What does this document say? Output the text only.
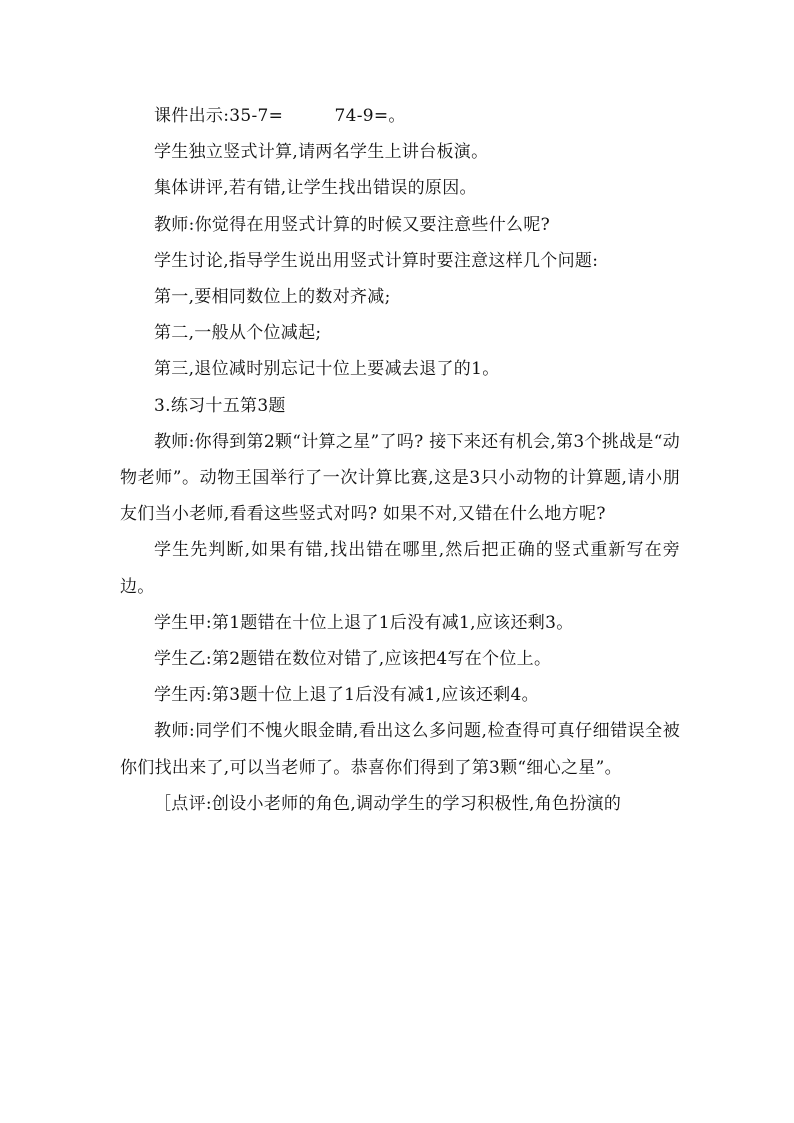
课件出示:35-7=         74-9=。

学生独立竖式计算,请两名学生上讲台板演。

集体讲评,若有错,让学生找出错误的原因。

教师:你觉得在用竖式计算的时候又要注意些什么呢?

学生讨论,指导学生说出用竖式计算时要注意这样几个问题:

第一,要相同数位上的数对齐减;

第二,一般从个位减起;

第三,退位减时别忘记十位上要减去退了的1。

3.练习十五第3题

教师:你得到第2颗“计算之星”了吗? 接下来还有机会,第3个挑战是“动物老师”。动物王国举行了一次计算比赛,这是3只小动物的计算题,请小朋友们当小老师,看看这些竖式对吗? 如果不对,又错在什么地方呢?

学生先判断,如果有错,找出错在哪里,然后把正确的竖式重新写在旁边。

学生甲:第1题错在十位上退了1后没有减1,应该还剩3。

学生乙:第2题错在数位对错了,应该把4写在个位上。

学生丙:第3题十位上退了1后没有减1,应该还剩4。

教师:同学们不愧火眼金睛,看出这么多问题,检查得可真仔细错误全被你们找出来了,可以当老师了。恭喜你们得到了第3颗“细心之星”。

［点评:创设小老师的角色,调动学生的学习积极性,角色扮演的
